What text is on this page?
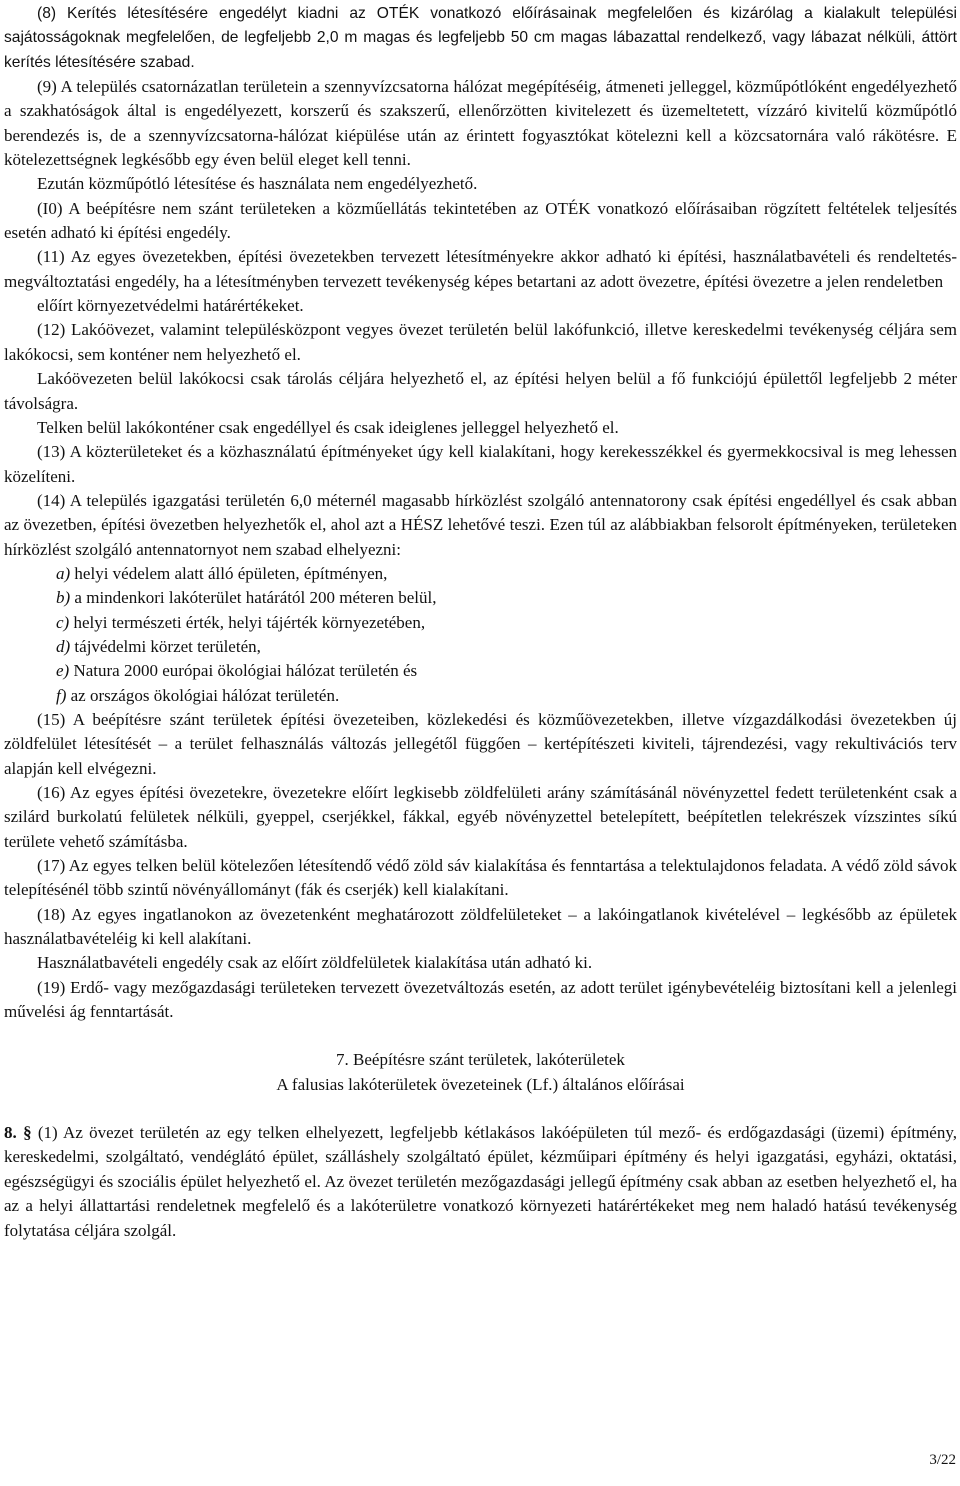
(8) Kerítés létesítésére engedélyt kiadni az OTÉK vonatkozó előírásainak megfelelően és kizárólag a kialakult települési sajátosságoknak megfelelően, de legfeljebb 2,0 m magas és legfeljebb 50 cm magas lábazattal rendelkező, vagy lábazat nélküli, áttört kerítés létesítésére szabad.

(9) A település csatornázatlan területein a szennyvízcsatorna hálózat megépítéséig, átmeneti jelleggel, közműpótlóként engedélyezhető a szakhatóságok által is engedélyezett, korszerű és szakszerű, ellenőrzötten kivitelezett és üzemeltetett, vízzáró kivitelű közműpótló berendezés is, de a szennyvízcsatorna-hálózat kiépülése után az érintett fogyasztókat kötelezni kell a közcsatornára való rákötésre. E kötelezettségnek legkésőbb egy éven belül eleget kell tenni.

Ezután közműpótló létesítése és használata nem engedélyezhető.

(I0) A beépítésre nem szánt területeken a közműellátás tekintetében az OTÉK vonatkozó előírásaiban rögzített feltételek teljesítés esetén adható ki építési engedély.

(11) Az egyes övezetekben, építési övezetekben tervezett létesítményekre akkor adható ki építési, használatbavételi és rendeltetés-megváltoztatási engedély, ha a létesítményben tervezett tevékenység képes betartani az adott övezetre, építési övezetre a jelen rendeletben

előírt környezetvédelmi határértékeket.

(12) Lakóövezet, valamint településközpont vegyes övezet területén belül lakófunkció, illetve kereskedelmi tevékenység céljára sem lakókocsi, sem konténer nem helyezhető el.

Lakóövezeten belül lakókocsi csak tárolás céljára helyezhető el, az építési helyen belül a fő funkciójú épülettől legfeljebb 2 méter távolságra.

Telken belül lakókonténer csak engedéllyel és csak ideiglenes jelleggel helyezhető el.

(13) A közterületeket és a közhasználatú építményeket úgy kell kialakítani, hogy kerekesszékkel és gyermekkocsival is meg lehessen közelíteni.

(14) A település igazgatási területén 6,0 méternél magasabb hírközlést szolgáló antennatorony csak építési engedéllyel és csak abban az övezetben, építési övezetben helyezhetők el, ahol azt a HÉSZ lehetővé teszi. Ezen túl az alábbiakban felsorolt építményeken, területeken hírközlést szolgáló antennatornyot nem szabad elhelyezni:

a) helyi védelem alatt álló épületen, építményen,

b) a mindenkori lakóterület határától 200 méteren belül,

c) helyi természeti érték, helyi tájérték környezetében,

d) tájvédelmi körzet területén,

e) Natura 2000 európai ökológiai hálózat területén és

f) az országos ökológiai hálózat területén.

(15) A beépítésre szánt területek építési övezeteiben, közlekedési és közműövezetekben, illetve vízgazdálkodási övezetekben új zöldfelület létesítését – a terület felhasználás változás jellegétől függően – kertépítészeti kiviteli, tájrendezési, vagy rekultivációs terv alapján kell elvégezni.

(16) Az egyes építési övezetekre, övezetekre előírt legkisebb zöldfelületi arány számításánál növényzettel fedett területenként csak a szilárd burkolatú felületek nélküli, gyeppel, cserjékkel, fákkal, egyéb növényzettel betelepített, beépítetlen telekrészek vízszintes síkú területe vehető számításba.

(17) Az egyes telken belül kötelezően létesítendő védő zöld sáv kialakítása és fenntartása a telektulajdonos feladata. A védő zöld sávok telepítésénél több szintű növényállományt (fák és cserjék) kell kialakítani.

(18) Az egyes ingatlanokon az övezetenként meghatározott zöldfelületeket – a lakóingatlanok kivételével – legkésőbb az épületek használatbavételéig ki kell alakítani.

Használatbavételi engedély csak az előírt zöldfelületek kialakítása után adható ki.

(19) Erdő- vagy mezőgazdasági területeken tervezett övezetváltozás esetén, az adott terület igénybevételéig biztosítani kell a jelenlegi művelési ág fenntartását.

7. Beépítésre szánt területek, lakóterületek

A falusias lakóterületek övezeteinek (Lf.) általános előírásai

8. § (1) Az övezet területén az egy telken elhelyezett, legfeljebb kétlakásos lakóépületen túl mező- és erdőgazdasági (üzemi) építmény, kereskedelmi, szolgáltató, vendéglátó épület, szálláshely szolgáltató épület, kézműipari építmény és helyi igazgatási, egyházi, oktatási, egészségügyi és szociális épület helyezhető el. Az övezet területén mezőgazdasági jellegű építmény csak abban az esetben helyezhető el, ha az a helyi állattartási rendeletnek megfelelő és a lakóterületre vonatkozó környezeti határértékeket meg nem haladó hatású tevékenység folytatása céljára szolgál.

3/22
